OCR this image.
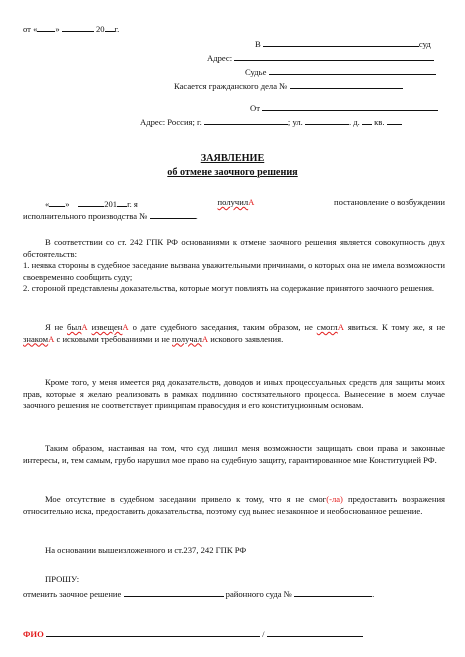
от « »	20 г.
В	суд
Адрес:
Судье
Касается гражданского дела №
От
Адрес: Россия; г.	; ул.	. д. кв.
ЗАЯВЛЕНИЕ
об отмене заочного решения
« »	201 г. я	получилА	постановление о возбуждении
исполнительного производства №	.
В соответствии со ст. 242 ГПК РФ основаниями к отмене заочного решения является совокупность двух обстоятельств:
1. неявка стороны в судебное заседание вызвана уважительными причинами, о которых она не имела возможности своевременно сообщить суду;
2. стороной представлены доказательства, которые могут повлиять на содержание принятого заочного решения.
Я не былА извещенА о дате судебного заседания, таким образом, не смоглА явиться. К тому же, я не знакомА с исковыми требованиями и не получалА искового заявления.
Кроме того, у меня имеется ряд доказательств, доводов и иных процессуальных средств для защиты моих прав, которые я желаю реализовать в рамках подлинно состязательного процесса. Вынесение в моем случае заочного решения не соответствует принципам правосудия и его конституционным основам.
Таким образом, настаивая на том, что суд лишил меня возможности защищать свои права и законные интересы, и, тем самым, грубо нарушил мое право на судебную защиту, гарантированное мне Конституцией РФ.
Мое отсутствие в судебном заседании привело к тому, что я не смог(-ла) предоставить возражения относительно иска, предоставить доказательства, поэтому суд вынес незаконное и необоснованное решение.
На основании вышеизложенного и ст.237, 242 ГПК РФ
ПРОШУ:
отменить заочное решение	районного суда №	.
ФИО	/
